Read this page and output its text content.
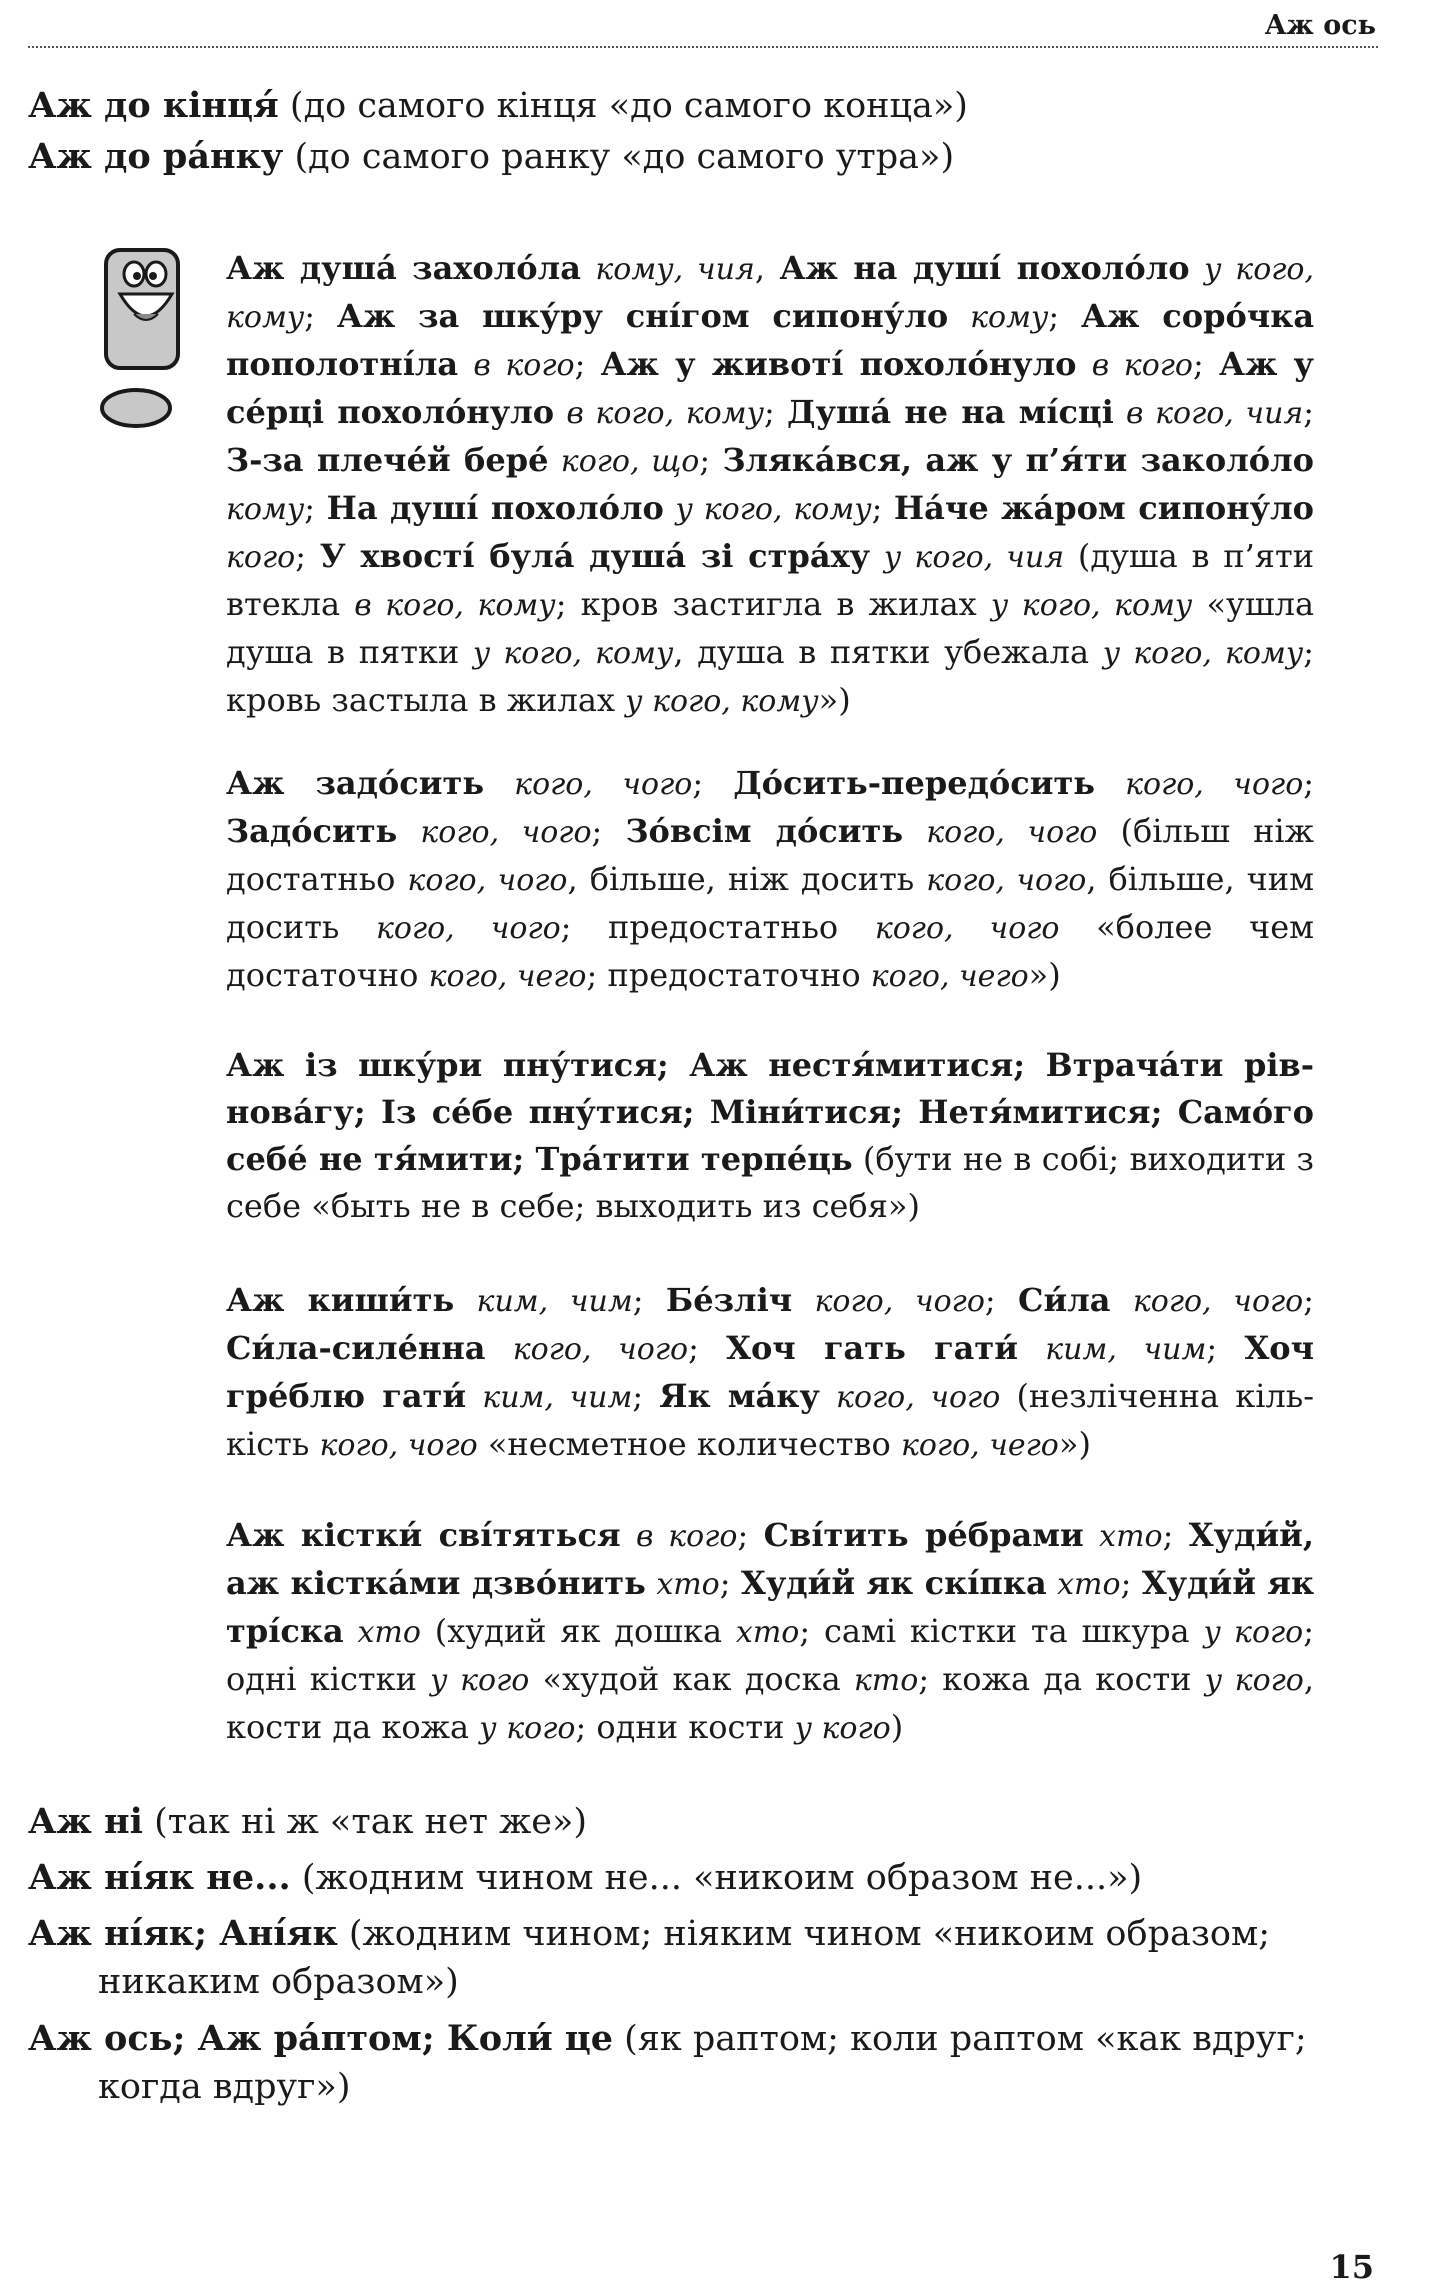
Аж ось

Аж до кінця́ (до самого кінця «до самого конца»)

Аж до ра́нку (до самого ранку «до самого утра»)

Аж душа́ захоло́ла кому, чия, Аж на душі́ похоло́ло у кого, кому; Аж за шку́ру сні́гом сипону́ло кому; Аж соро́чка пополотні́ла в кого; Аж у животі́ похоло́нуло в кого; Аж у се́рці похоло́нуло в кого, кому; Душа́ не на мі́сці в кого, чия; З-за плече́й бере́ кого, що; Злякáвся, аж у п’я́ти заколо́ло кому; На душі́ похоло́ло у кого, кому; На́че жа́ром сипону́ло кого; У хвості́ була́ душа́ зі стра́ху у кого, чия (душа в п’яти втекла в кого, кому; кров застигла в жилах у кого, кому «ушла душа в пятки у кого, кому, душа в пятки убежала у кого, кому; кровь застыла в жилах у кого, кому»)

Аж задо́сить кого, чого; До́сить-передо́сить кого, чого; Задо́сить кого, чого; Зо́всім до́сить кого, чого (більш ніж достатньо кого, чого, більше, ніж досить кого, чого, більше, чим досить кого, чого; предостатньо кого, чого «более чем достаточно кого, чего; предостаточно кого, чего»)

Аж із шку́ри пну́тися; Аж нестя́митися; Втрача́ти рівнова́гу; Із се́бе пну́тися; Міни́тися; Нетя́митися; Само́го себе́ не тя́мити; Тра́тити терпе́ць (бути не в собі; виходити з себе «быть не в себе; выходить из себя»)

Аж киши́ть ким, чим; Бе́зліч кого, чого; Си́ла кого, чого; Си́ла-силе́нна кого, чого; Хоч гать гати́ ким, чим; Хоч гре́блю гати́ ким, чим; Як ма́ку кого, чого (незліченна кількість кого, чого «несметное количество кого, чего»)

Аж кістки́ сві́тяться в кого; Сві́тить ре́брами хто; Худи́й, аж кістка́ми дзво́нить хто; Худи́й як скі́пка хто; Худи́й як трі́ска хто (худий як дошка хто; самі кістки та шкура у кого; одні кістки у кого «худой как доска кто; кожа да кости у кого, кости да кожа у кого; одни кости у кого)

Аж ні (так ні ж «так нет же»)

Аж ні́як не... (жодним чином не... «никоим образом не...»)

Аж ні́як; Ані́як (жодним чином; ніяким чином «никоим образом; никаким образом»)

Аж ось; Аж ра́птом; Коли́ це (як раптом; коли раптом «как вдруг; когда вдруг»)

15
